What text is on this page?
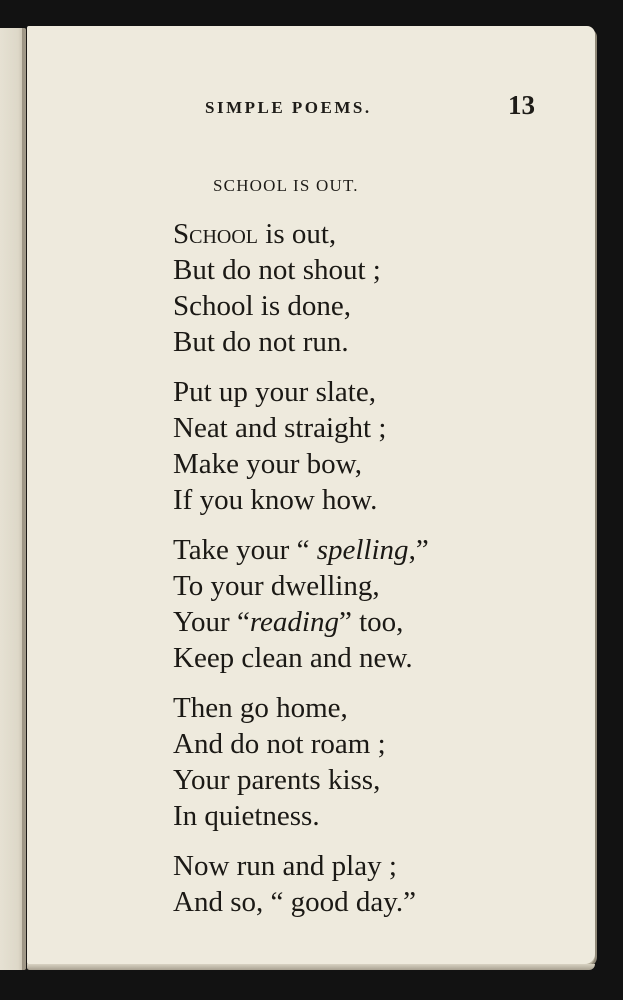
SIMPLE POEMS.	13
SCHOOL IS OUT.
School is out,
But do not shout ;
School is done,
But do not run.
Put up your slate,
Neat and straight ;
Make your bow,
If you know how.
Take your “ spelling,”
To your dwelling,
Your “reading” too,
Keep clean and new.
Then go home,
And do not roam ;
Your parents kiss,
In quietness.
Now run and play ;
And so, “ good day.”
